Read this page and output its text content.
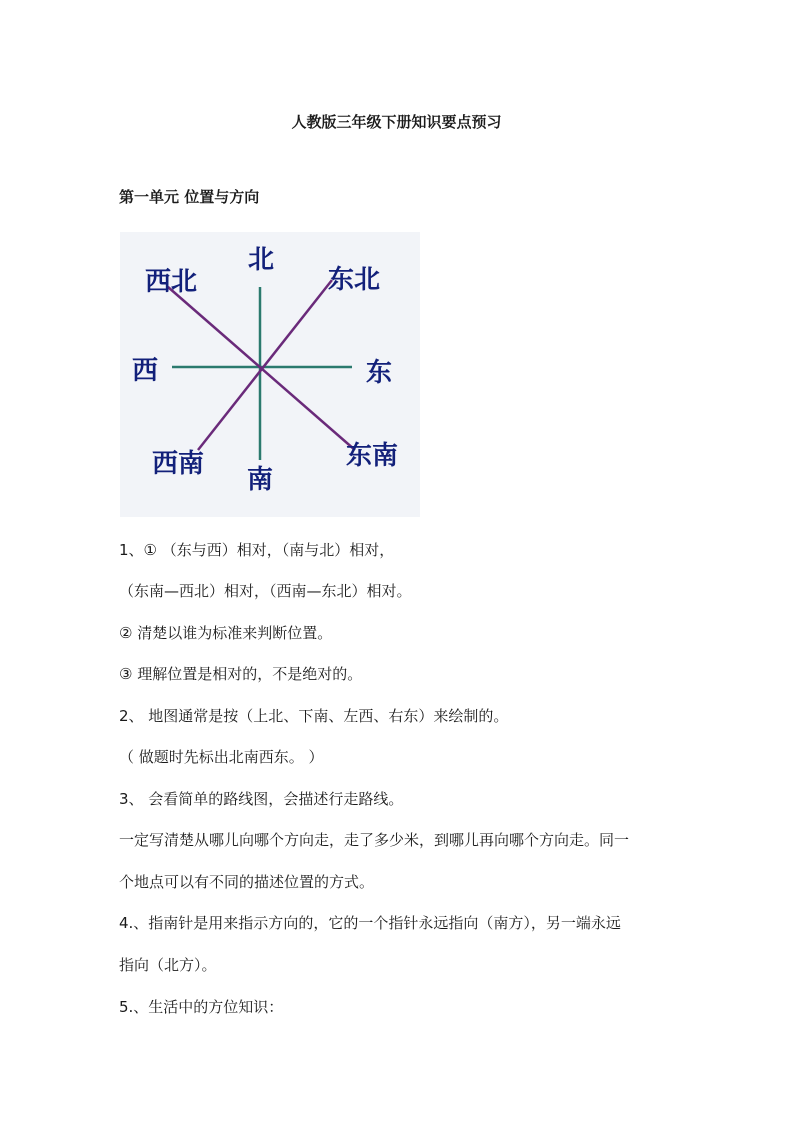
人教版三年级下册知识要点预习
第一单元 位置与方向
北
东北
西北
西	东
西南
南
东南
1、① （东与西）相对，（南与北）相对，
（东南—西北）相对，（西南—东北）相对。
② 清楚以谁为标准来判断位置。
③ 理解位置是相对的，不是绝对的。
2、 地图通常是按（上北、下南、左西、右东）来绘制的。
（ 做题时先标出北南西东。 ）
3、 会看简单的路线图，会描述行走路线。
一定写清楚从哪儿向哪个方向走，走了多少米，到哪儿再向哪个方向走。同一
个地点可以有不同的描述位置的方式。
4.、指南针是用来指示方向的，它的一个指针永远指向（南方），另一端永远
指向（北方）。
5.、生活中的方位知识：
